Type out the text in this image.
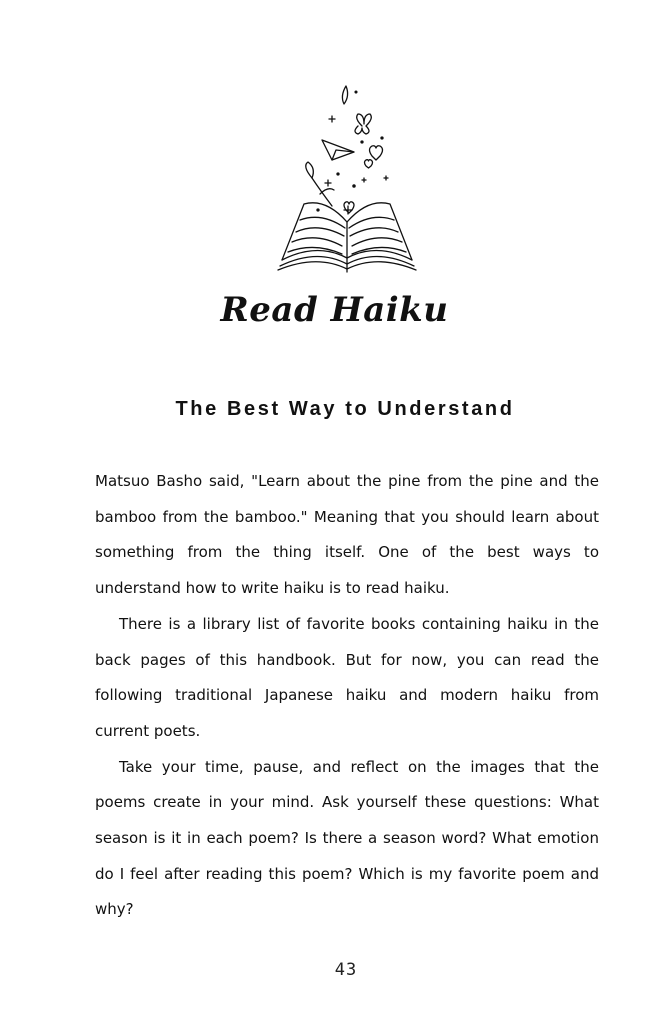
Read Haiku
The Best Way to Understand

Matsuo Basho said, "Learn about the pine from the pine and the bamboo from the bamboo." Meaning that you should learn about something from the thing itself. One of the best ways to understand how to write haiku is to read haiku.

There is a library list of favorite books containing haiku in the back pages of this handbook. But for now, you can read the following traditional Japanese haiku and modern haiku from current poets.

Take your time, pause, and reflect on the images that the poems create in your mind. Ask yourself these questions: What season is it in each poem? Is there a season word? What emotion do I feel after reading this poem? Which is my favorite poem and why?

43
